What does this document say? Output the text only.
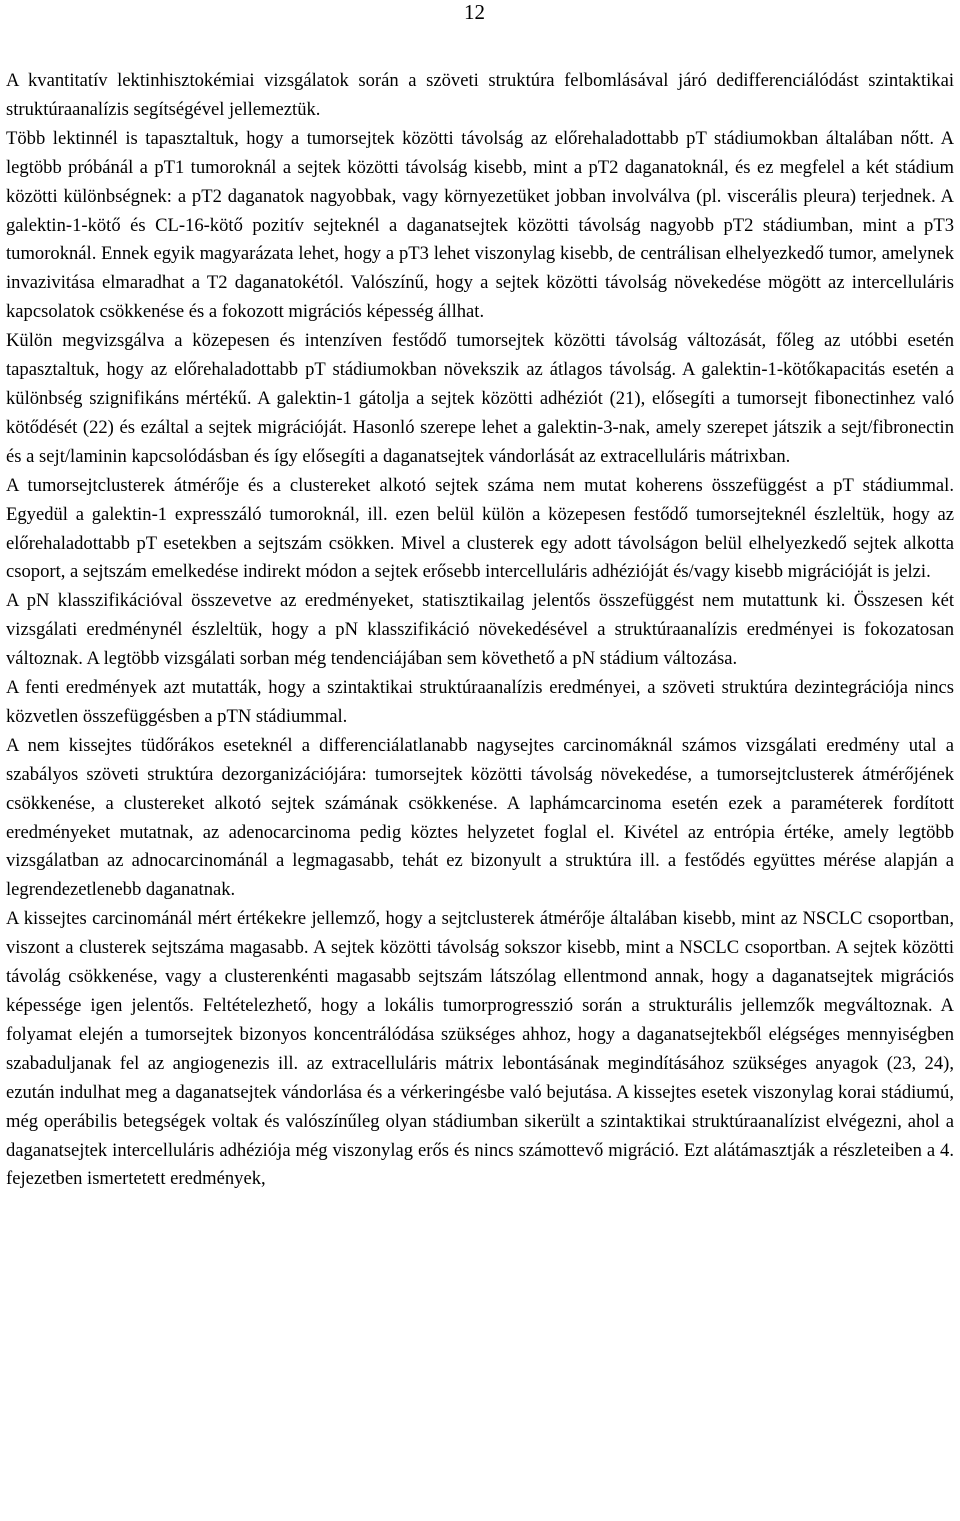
12

A kvantitatív lektinhisztokémiai vizsgálatok során a szöveti struktúra felbomlásával járó dedifferenciálódást szintaktikai struktúraanalízis segítségével jellemeztük.

Több lektinnél is tapasztaltuk, hogy a tumorsejtek közötti távolság az előrehaladottabb pT stádiumokban általában nőtt. A legtöbb próbánál a pT1 tumoroknál a sejtek közötti távolság kisebb, mint a pT2 daganatoknál, és ez megfelel a két stádium közötti különbségnek: a pT2 daganatok nagyobbak, vagy környezetüket jobban involválva (pl. viscerális pleura) terjednek. A galektin-1-kötő és CL-16-kötő pozitív sejteknél a daganatsejtek közötti távolság nagyobb pT2 stádiumban, mint a pT3 tumoroknál. Ennek egyik magyarázata lehet, hogy a pT3 lehet viszonylag kisebb, de centrálisan elhelyezkedő tumor, amelynek invazivitása elmaradhat a T2 daganatokétól. Valószínű, hogy a sejtek közötti távolság növekedése mögött az intercelluláris kapcsolatok csökkenése és a fokozott migrációs képesség állhat.

Külön megvizsgálva a közepesen és intenzíven festődő tumorsejtek közötti távolság változását, főleg az utóbbi esetén tapasztaltuk, hogy az előrehaladottabb pT stádiumokban növekszik az átlagos távolság. A galektin-1-kötőkapacitás esetén a különbség szignifikáns mértékű. A galektin-1 gátolja a sejtek közötti adhéziót (21), elősegíti a tumorsejt fibonectinhez való kötődését (22) és ezáltal a sejtek migrációját. Hasonló szerepe lehet a galektin-3-nak, amely szerepet játszik a sejt/fibronectin és a sejt/laminin kapcsolódásban és így elősegíti a daganatsejtek vándorlását az extracelluláris mátrixban.

A tumorsejtclusterek átmérője és a clustereket alkotó sejtek száma nem mutat koherens összefüggést a pT stádiummal. Egyedül a galektin-1 expresszáló tumoroknál, ill. ezen belül külön a közepesen festődő tumorsejteknél észleltük, hogy az előrehaladottabb pT esetekben a sejtszám csökken. Mivel a clusterek egy adott távolságon belül elhelyezkedő sejtek alkotta csoport, a sejtszám emelkedése indirekt módon a sejtek erősebb intercelluláris adhézióját és/vagy kisebb migrációját is jelzi.

A pN klasszifikációval összevetve az eredményeket, statisztikailag jelentős összefüggést nem mutattunk ki. Összesen két vizsgálati eredménynél észleltük, hogy a pN klasszifikáció növekedésével a struktúraanalízis eredményei is fokozatosan változnak. A legtöbb vizsgálati sorban még tendenciájában sem követhető a pN stádium változása.

A fenti eredmények azt mutatták, hogy a szintaktikai struktúraanalízis eredményei, a szöveti struktúra dezintegrációja nincs közvetlen összefüggésben a pTN stádiummal.

A nem kissejtes tüdőrákos eseteknél a differenciálatlanabb nagysejtes carcinomáknál számos vizsgálati eredmény utal a szabályos szöveti struktúra dezorganizációjára: tumorsejtek közötti távolság növekedése, a tumorsejtclusterek átmérőjének csökkenése, a clustereket alkotó sejtek számának csökkenése. A laphámcarcinoma esetén ezek a paraméterek fordított eredményeket mutatnak, az adenocarcinoma pedig köztes helyzetet foglal el. Kivétel az entrópia értéke, amely legtöbb vizsgálatban az adnocarcinománál a legmagasabb, tehát ez bizonyult a struktúra ill. a festődés együttes mérése alapján a legrendezetlenebb daganatnak.

A kissejtes carcinománál mért értékekre jellemző, hogy a sejtclusterek átmérője általában kisebb, mint az NSCLC csoportban, viszont a clusterek sejtszáma magasabb. A sejtek közötti távolság sokszor kisebb, mint a NSCLC csoportban. A sejtek közötti távolág csökkenése, vagy a clusterenkénti magasabb sejtszám látszólag ellentmond annak, hogy a daganatsejtek migrációs képessége igen jelentős. Feltételezhető, hogy a lokális tumorprogresszió során a strukturális jellemzők megváltoznak. A folyamat elején a tumorsejtek bizonyos koncentrálódása szükséges ahhoz, hogy a daganatsejtekből elégséges mennyiségben szabaduljanak fel az angiogenezis ill. az extracelluláris mátrix lebontásának megindításához szükséges anyagok (23, 24), ezután indulhat meg a daganatsejtek vándorlása és a vérkeringésbe való bejutása. A kissejtes esetek viszonylag korai stádiumú, még operábilis betegségek voltak és valószínűleg olyan stádiumban sikerült a szintaktikai struktúraanalízist elvégezni, ahol a daganatsejtek intercelluláris adhéziója még viszonylag erős és nincs számottevő migráció. Ezt alátámasztják a részleteiben a 4. fejezetben ismertetett eredmények,
